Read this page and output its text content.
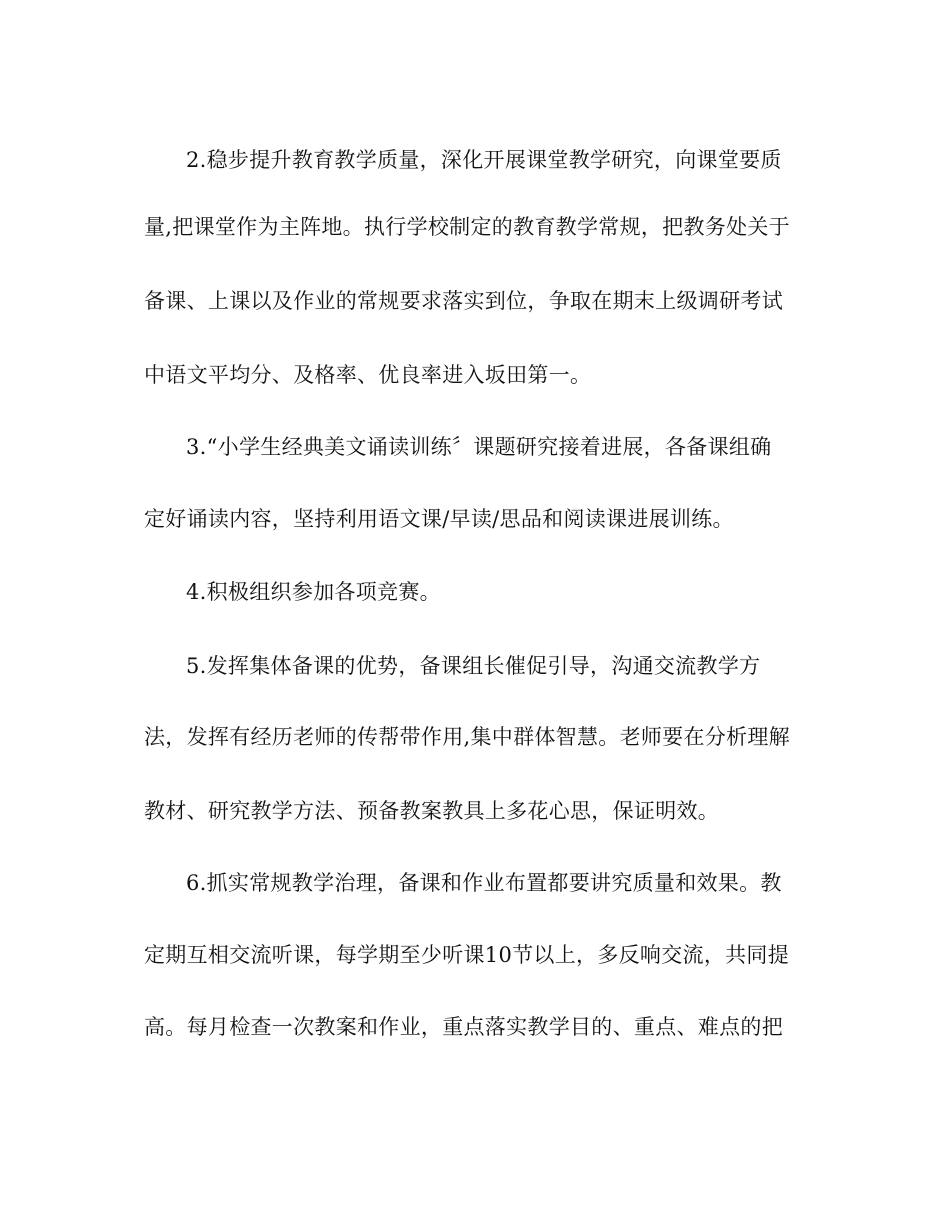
2.稳步提升教育教学质量，深化开展课堂教学研究，向课堂要质
量,把课堂作为主阵地。执行学校制定的教育教学常规，把教务处关于
备课、上课以及作业的常规要求落实到位，争取在期末上级调研考试
中语文平均分、及格率、优良率进入坂田第一。
3.“小学生经典美文诵读训练〞课题研究接着进展，各备课组确
定好诵读内容，坚持利用语文课/早读/思品和阅读课进展训练。
4.积极组织参加各项竞赛。
5.发挥集体备课的优势，备课组长催促引导，沟通交流教学方
法，发挥有经历老师的传帮带作用,集中群体智慧。老师要在分析理解
教材、研究教学方法、预备教案教具上多花心思，保证明效。
6.抓实常规教学治理，备课和作业布置都要讲究质量和效果。教
定期互相交流听课，每学期至少听课10节以上，多反响交流，共同提
高。每月检查一次教案和作业，重点落实教学目的、重点、难点的把
